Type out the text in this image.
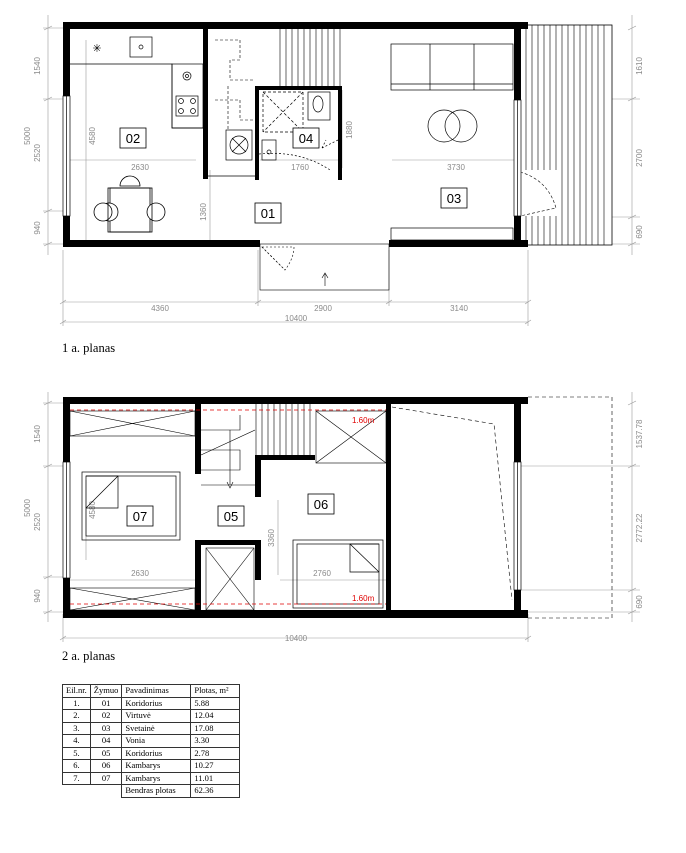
1540
5000
2520
940
1610
2700
690
4580	1880
1360
2630	1760	3730
4360	2900	3140
10400
✳
02	04
01
03
1 a. planas
1540
5000
2520
940
1537.78
2772.22
690
4580
3360
2630	2760
10400
1.60m
1.60m
07	05
06
2 a. planas
Eil.nr.	Žymuo	Pavadinimas	Plotas, m²
1.	01	Koridorius	5.88
2.	02	Virtuvė	12.04
3.	03	Svetainė	17.08
4.	04	Vonia	3.30
5.	05	Koridorius	2.78
6.	06	Kambarys	10.27
7.	07	Kambarys	11.01
		Bendras plotas	62.36
